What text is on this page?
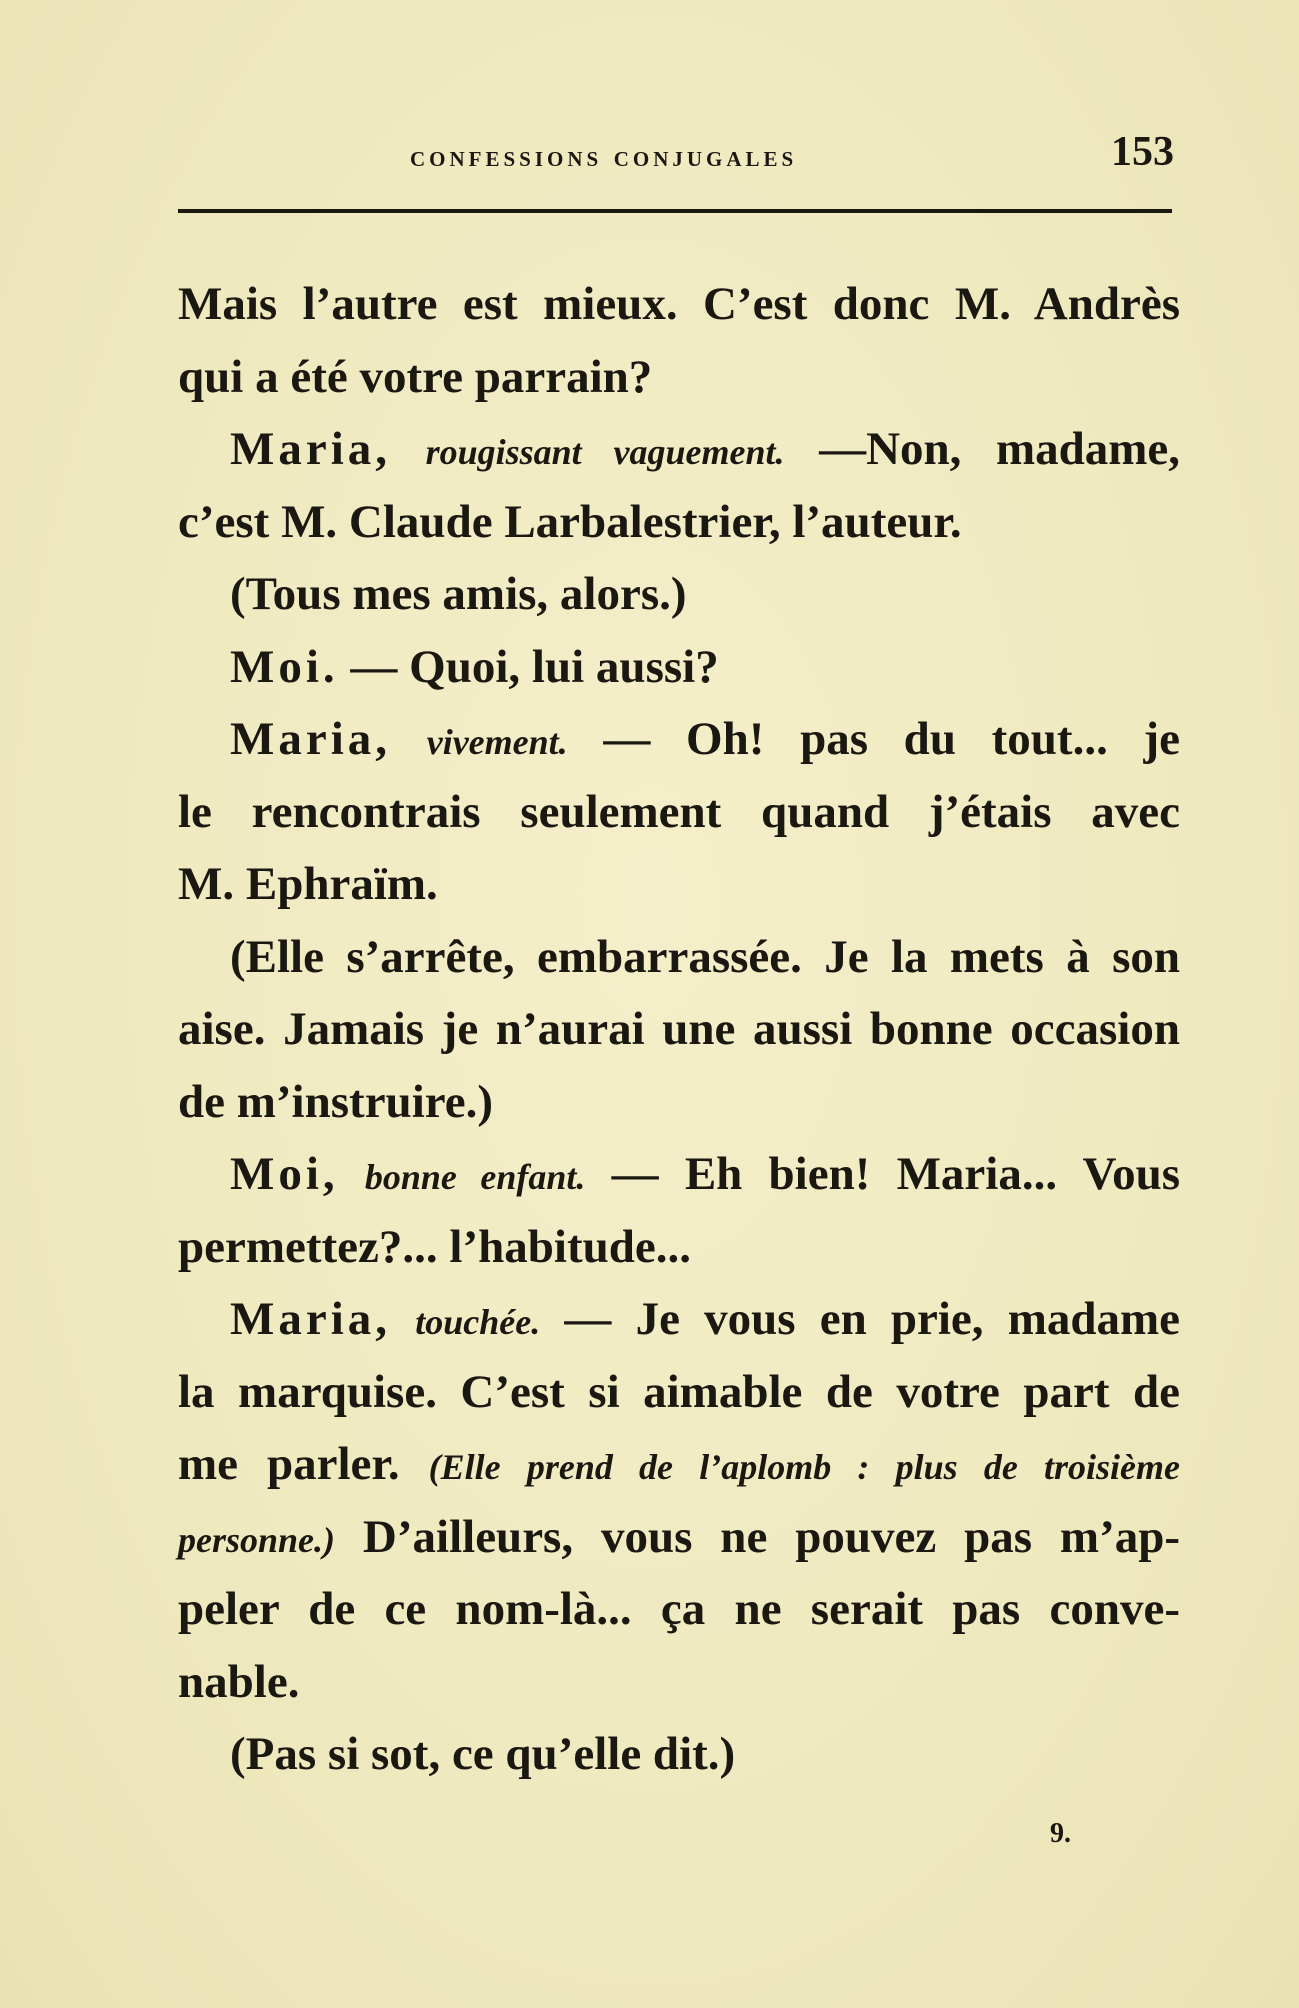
confessions conjugales	153
Mais l’autre est mieux. C’est donc M. Andrès
qui a été votre parrain?
Maria, rougissant vaguement. —Non, madame,
c’est M. Claude Larbalestrier, l’auteur.
(Tous mes amis, alors.)
Moi. — Quoi, lui aussi?
Maria, vivement. — Oh! pas du tout... je
le rencontrais seulement quand j’étais avec
M. Ephraïm.
(Elle s’arrête, embarrassée. Je la mets à son
aise. Jamais je n’aurai une aussi bonne occasion
de m’instruire.)
Moi, bonne enfant. — Eh bien! Maria... Vous
permettez?... l’habitude...
Maria, touchée. — Je vous en prie, madame
la marquise. C’est si aimable de votre part de
me parler. (Elle prend de l’aplomb : plus de troisième
personne.) D’ailleurs, vous ne pouvez pas m’ap-
peler de ce nom-là... ça ne serait pas conve-
nable.
(Pas si sot, ce qu’elle dit.)
9.
